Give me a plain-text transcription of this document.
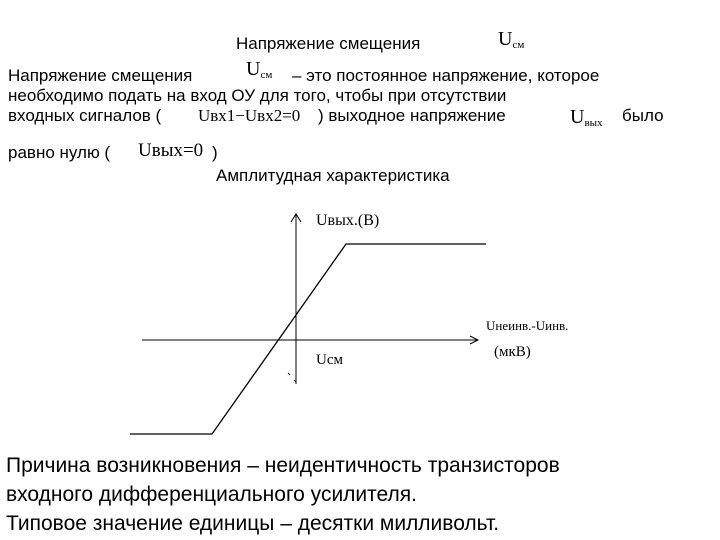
Напряжение смещения	Uсм
Напряжение смещения	Uсм – это постоянное напряжение, которое
необходимо подать на вход ОУ для того, чтобы при отсутствии
входных сигналов ( Uвх1−Uвх2=0 ) выходное напряжение	Uвых было
равно нулю ( Uвых=0 )
Амплитудная характеристика
Uвых.(В)
Uнеинв.-Uинв.
(мкВ)
Uсм
Причина возникновения – неидентичность транзисторов
входного дифференциального усилителя.
Типовое значение единицы – десятки милливольт.
